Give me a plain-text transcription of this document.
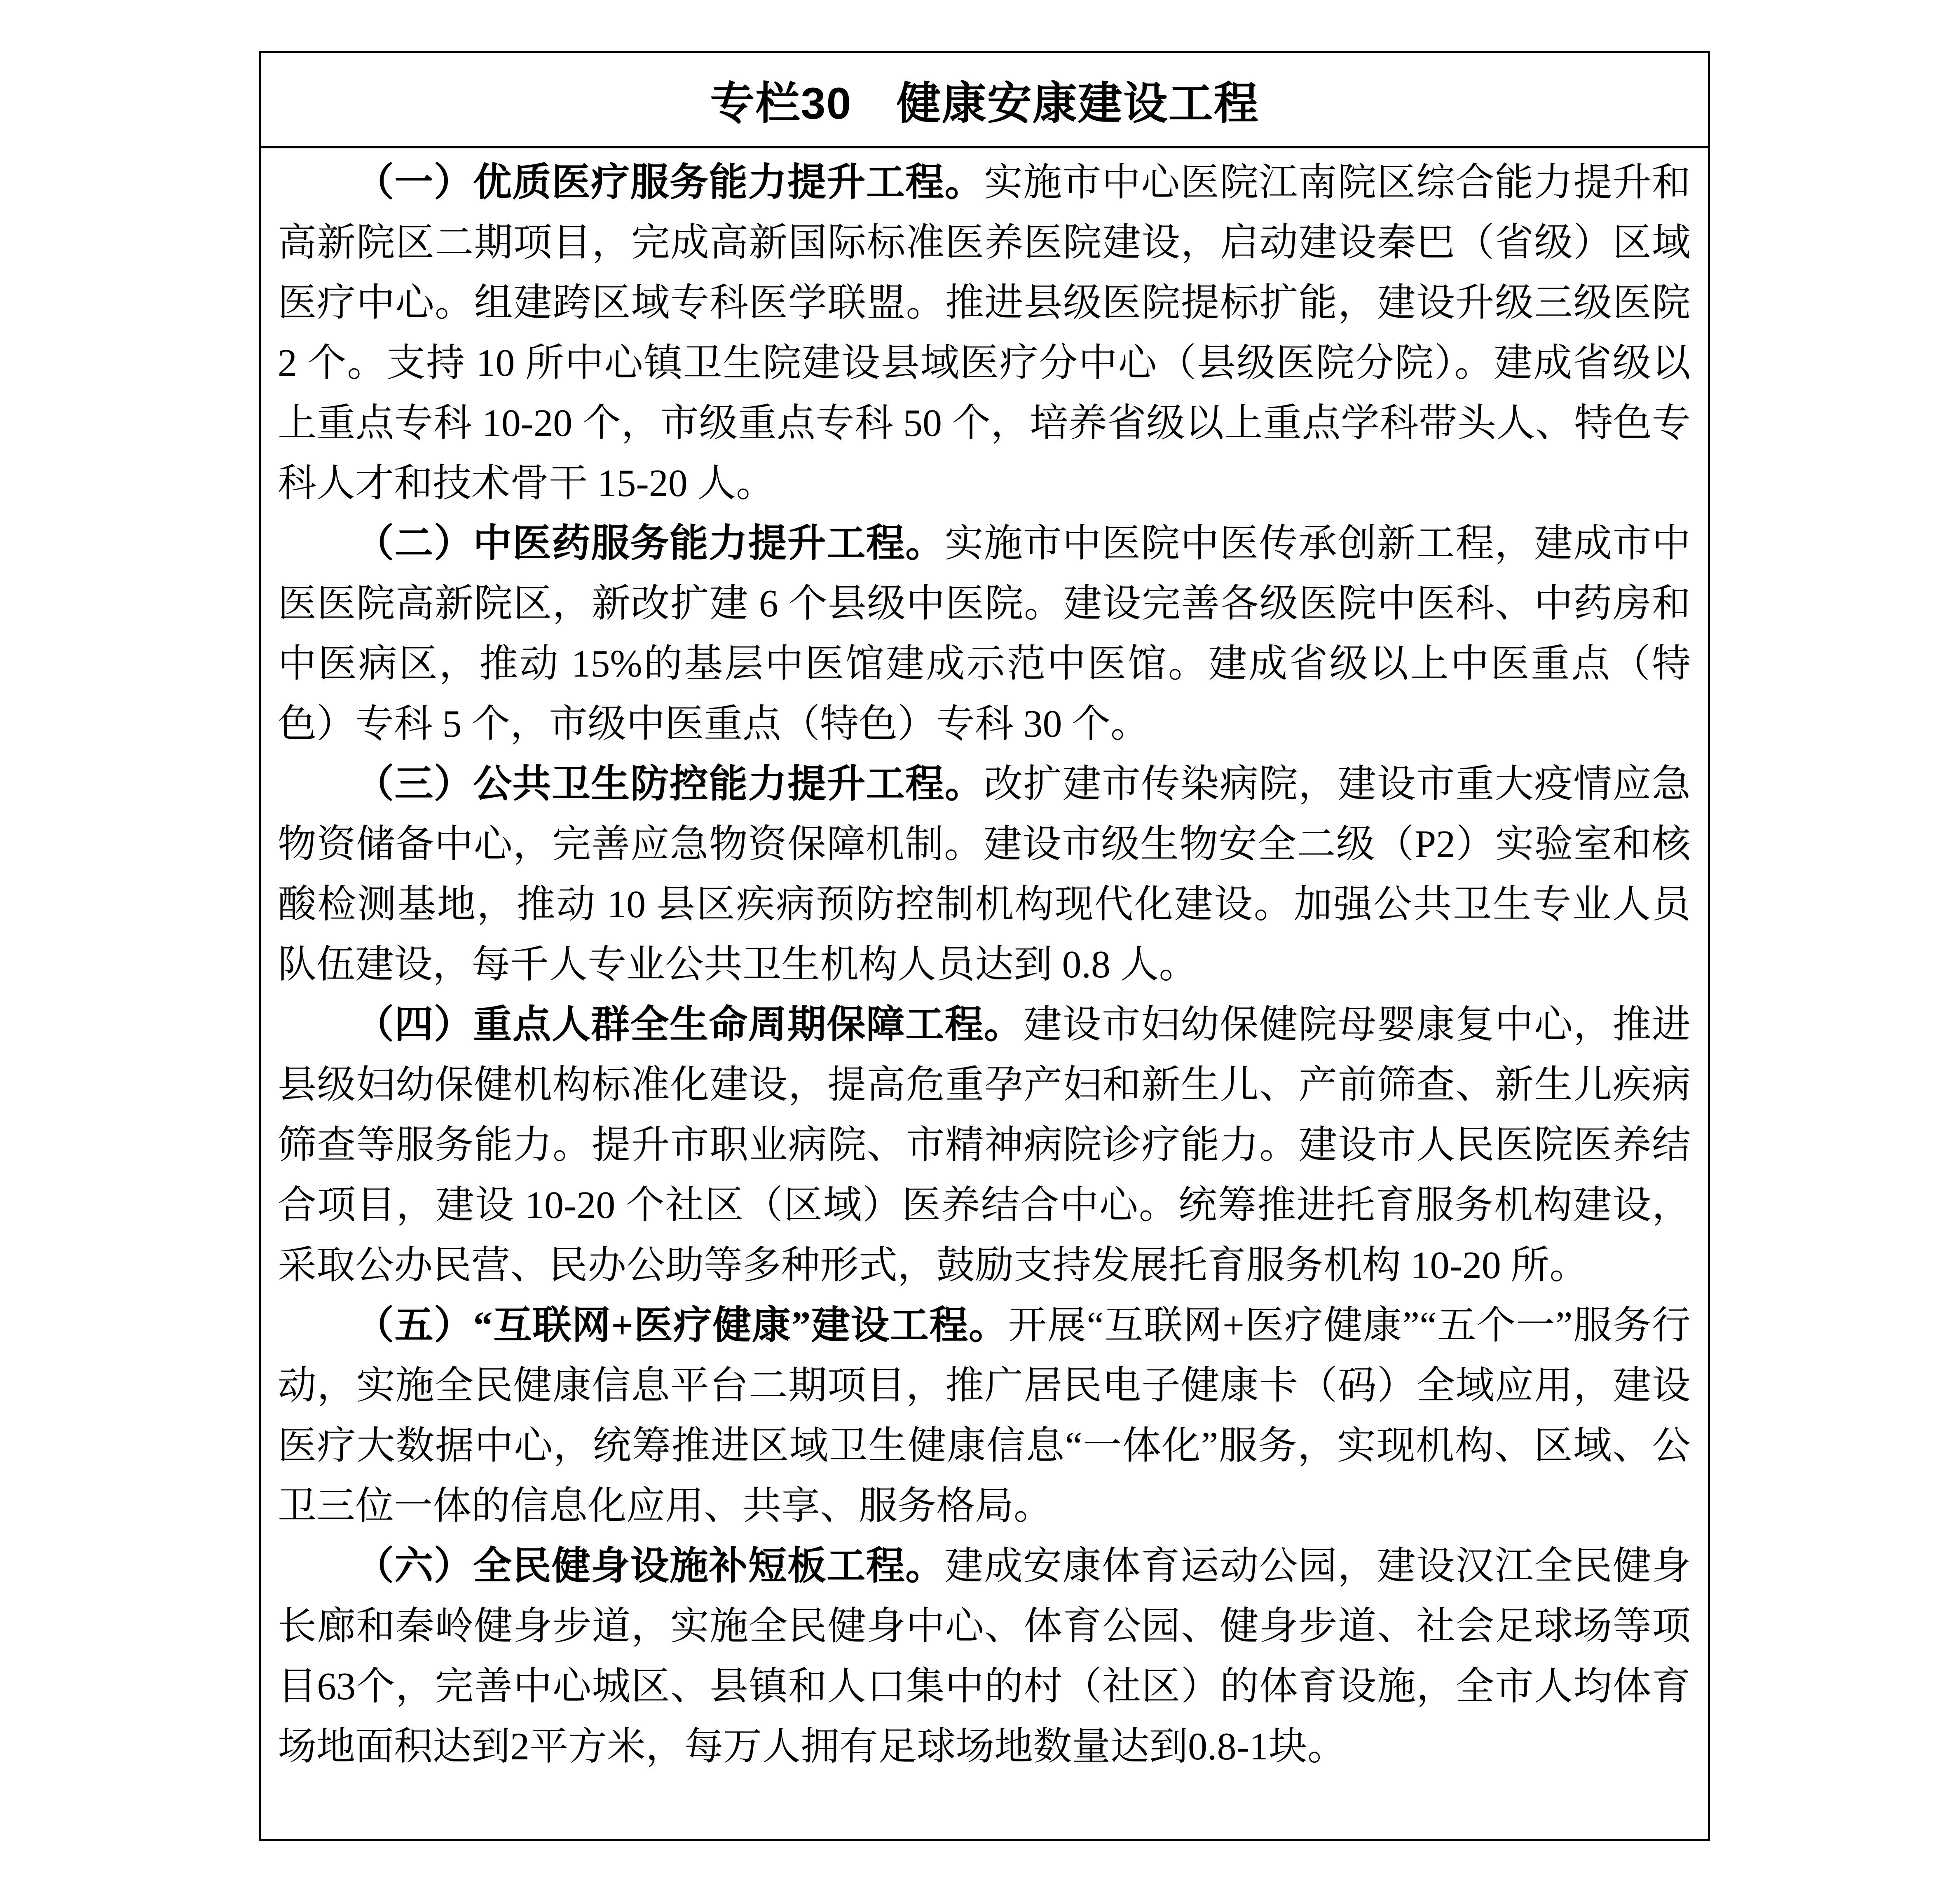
专栏30 健康安康建设工程

（一）优质医疗服务能力提升工程。实施市中心医院江南院区综合能力提升和高新院区二期项目，完成高新国际标准医养医院建设，启动建设秦巴（省级）区域医疗中心。组建跨区域专科医学联盟。推进县级医院提标扩能，建设升级三级医院 2 个。支持 10 所中心镇卫生院建设县域医疗分中心（县级医院分院）。建成省级以上重点专科 10-20 个，市级重点专科 50 个，培养省级以上重点学科带头人、特色专科人才和技术骨干 15-20 人。

（二）中医药服务能力提升工程。实施市中医院中医传承创新工程，建成市中医医院高新院区，新改扩建 6 个县级中医院。建设完善各级医院中医科、中药房和中医病区，推动 15%的基层中医馆建成示范中医馆。建成省级以上中医重点（特色）专科 5 个，市级中医重点（特色）专科 30 个。

（三）公共卫生防控能力提升工程。改扩建市传染病院，建设市重大疫情应急物资储备中心，完善应急物资保障机制。建设市级生物安全二级（P2）实验室和核酸检测基地，推动 10 县区疾病预防控制机构现代化建设。加强公共卫生专业人员队伍建设，每千人专业公共卫生机构人员达到 0.8 人。

（四）重点人群全生命周期保障工程。建设市妇幼保健院母婴康复中心，推进县级妇幼保健机构标准化建设，提高危重孕产妇和新生儿、产前筛查、新生儿疾病筛查等服务能力。提升市职业病院、市精神病院诊疗能力。建设市人民医院医养结合项目，建设 10-20 个社区（区域）医养结合中心。统筹推进托育服务机构建设，采取公办民营、民办公助等多种形式，鼓励支持发展托育服务机构 10-20 所。

（五）“互联网+医疗健康”建设工程。开展“互联网+医疗健康”“五个一”服务行动，实施全民健康信息平台二期项目，推广居民电子健康卡（码）全域应用，建设医疗大数据中心，统筹推进区域卫生健康信息“一体化”服务，实现机构、区域、公卫三位一体的信息化应用、共享、服务格局。

（六）全民健身设施补短板工程。建成安康体育运动公园，建设汉江全民健身长廊和秦岭健身步道，实施全民健身中心、体育公园、健身步道、社会足球场等项目63个，完善中心城区、县镇和人口集中的村（社区）的体育设施，全市人均体育场地面积达到2平方米，每万人拥有足球场地数量达到0.8-1块。
